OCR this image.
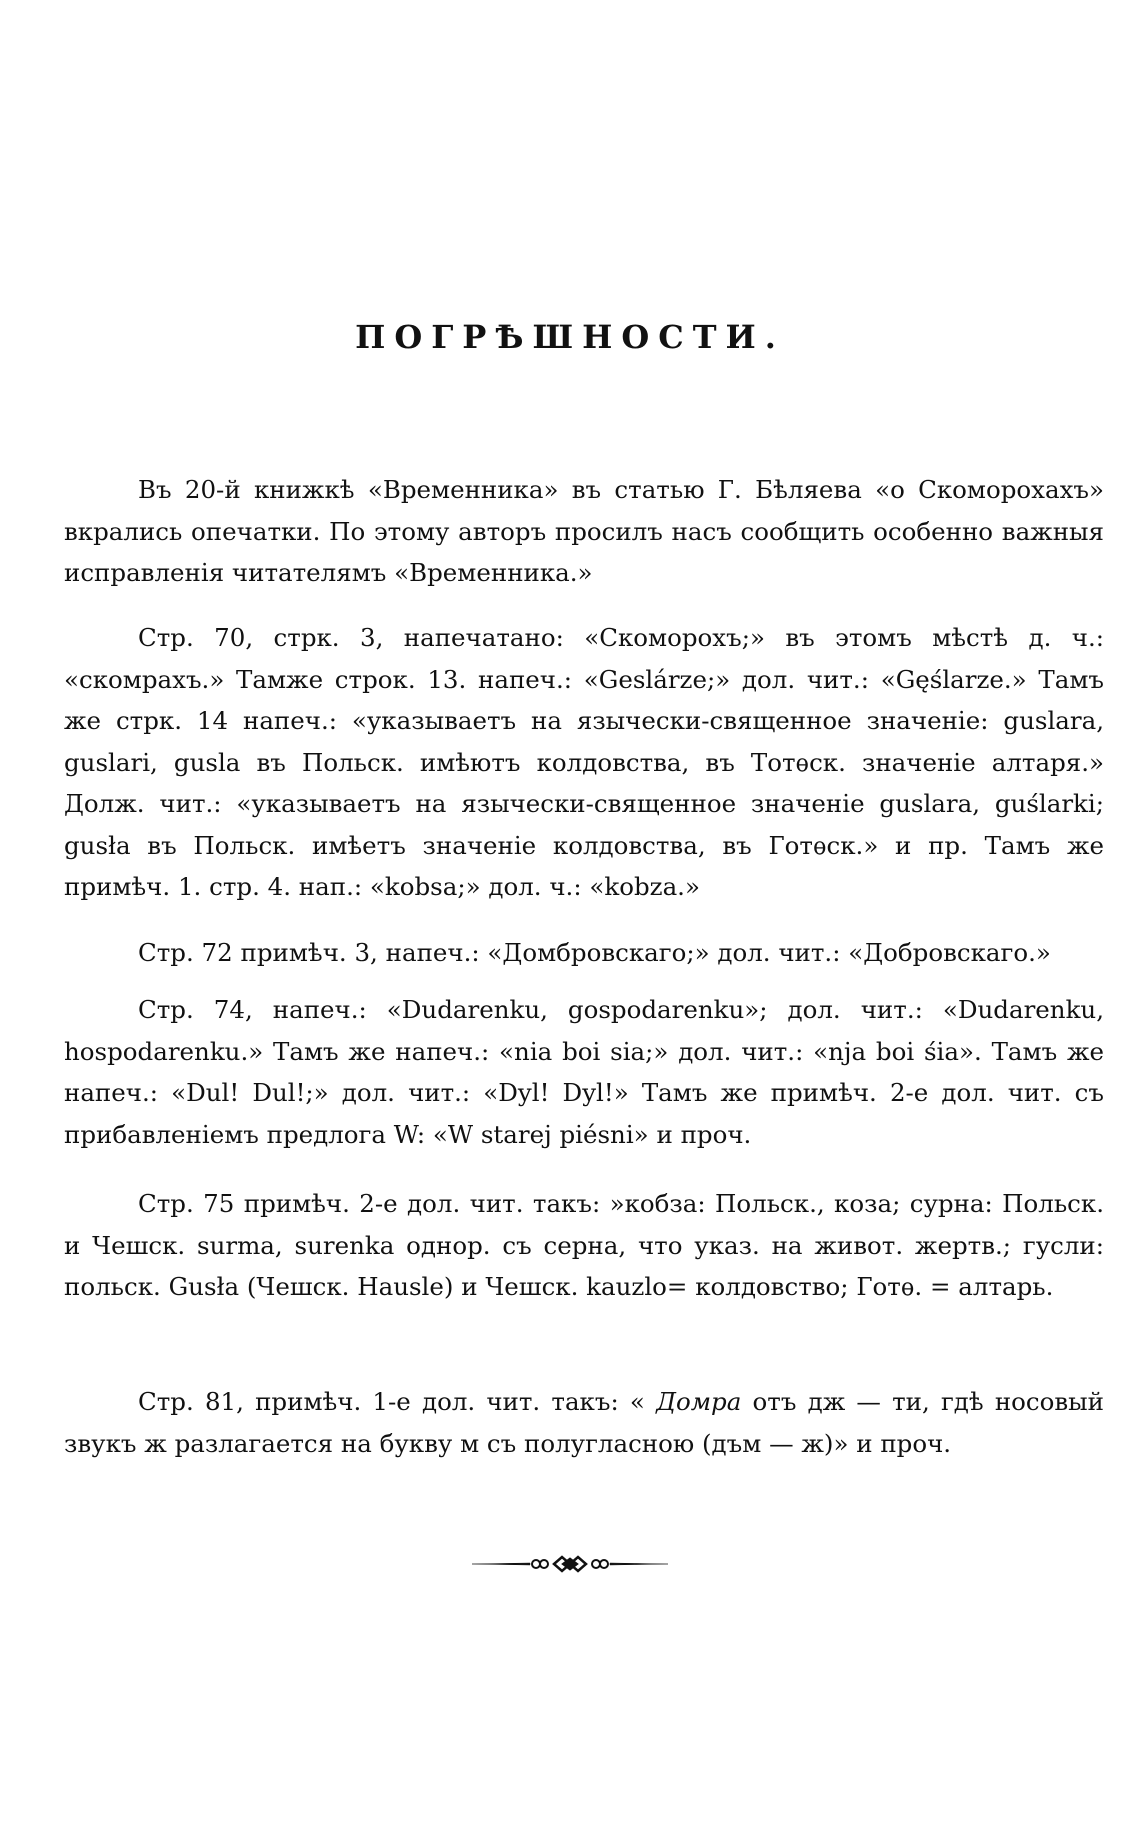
ПОГРѢШНОСТИ.

Въ 20-й книжкѣ «Временника» въ статью Г. Бѣляева «о Скоморохахъ» вкрались опечатки. По этому авторъ просилъ насъ сообщить особенно важныя исправленія читателямъ «Временника.»

Стр. 70, стрк. 3, напечатано: «Скоморохъ;» въ этомъ мѣстѣ д. ч.: «скомрахъ.» Тамже строк. 13. напеч.: «Geslárze;» дол. чит.: «Gęślarze.» Тамъ же стрк. 14 напеч.: «указываетъ на язычески-священное значеніе: guslara, guslari, gusla въ Польск. имѣютъ колдовства, въ Тотѳск. значеніе алтаря.» Долж. чит.: «указываетъ на язычески-священное значеніе guslara, guślarki; gusła въ Польск. имѣетъ значеніе колдовства, въ Готѳск.» и пр. Тамъ же примѣч. 1. стр. 4. нап.: «kobsa;» дол. ч.: «kobza.»

Стр. 72 примѣч. 3, напеч.: «Домбровскаго;» дол. чит.: «Добровскаго.»

Стр. 74, напеч.: «Dudarenku, gospodarenku»; дол. чит.: «Dudarenku, hospodarenku.» Тамъ же напеч.: «nia boi sia;» дол. чит.: «nja boi śia». Тамъ же напеч.: «Dul! Dul!;» дол. чит.: «Dyl! Dyl!» Тамъ же примѣч. 2-е дол. чит. съ прибавленіемъ предлога W: «W starej piésni» и проч.

Стр. 75 примѣч. 2-е дол. чит. такъ: »кобза: Польск., коза; сурна: Польск. и Чешск. surma, surenka одноp. съ серна, что указ. на живот. жертв.; гусли: польск. Gusła (Чешск. Hausle) и Чешск. kauzlo= колдовство; Готѳ. = алтарь.

Стр. 81, примѣч. 1-е дол. чит. такъ: « Домра отъ дж — ти, гдѣ носовый звукъ ж разлагается на букву м съ полугласною (дъм — ж)» и проч.
